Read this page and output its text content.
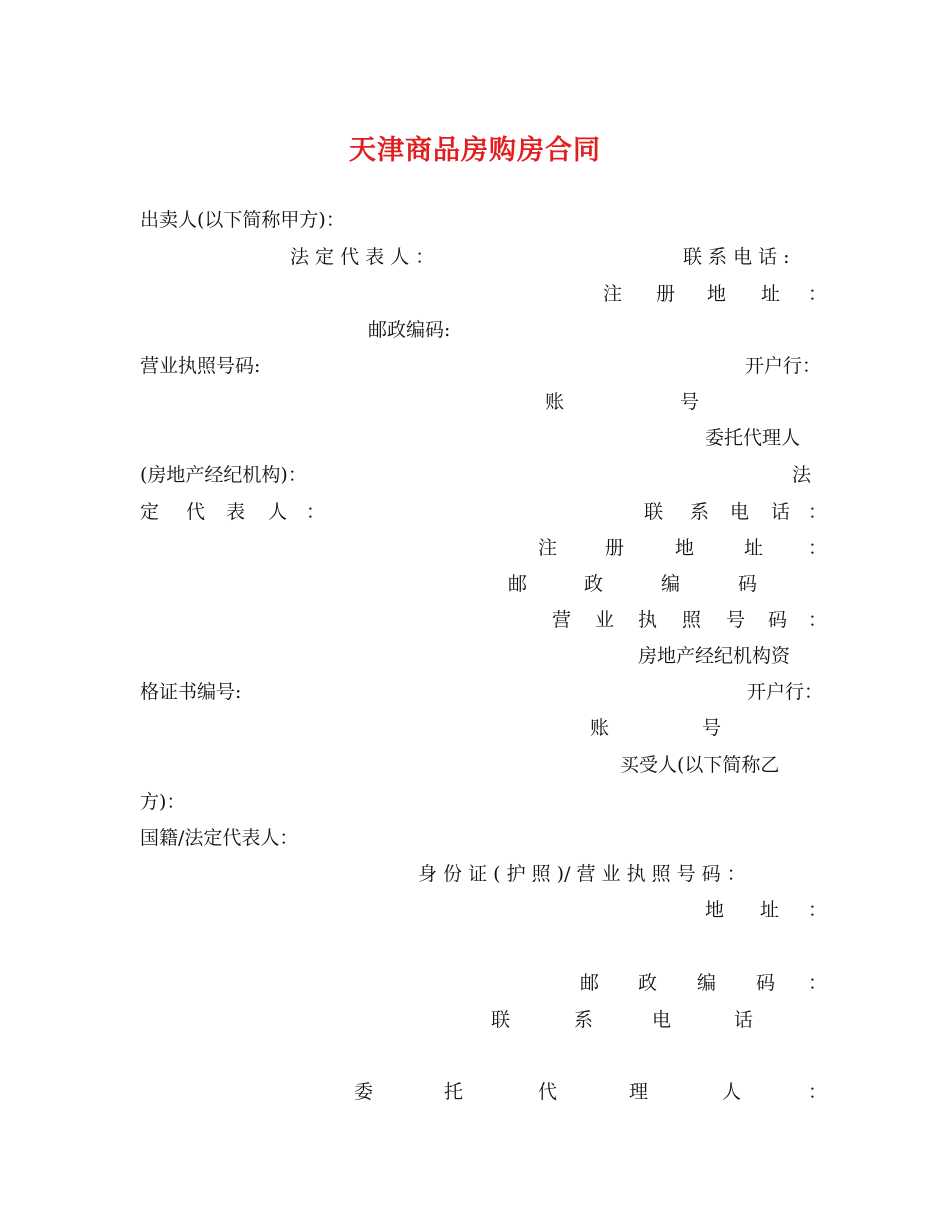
天津商品房购房合同
出卖人(以下简称甲方)：
法 定 代 表 人 ：	联 系 电 话 :
注 册 地 址 ：
邮政编码:
营业执照号码:	开户行：
账	号
委托代理人
(房地产经纪机构)：	法
定 代 表 人 ：	联 系 电 话 ：
注	册	地	址 ：
邮	政	编	码
营 业 执 照 号 码 ：
房地产经纪机构资
格证书编号:	开户行：
账	号
买受人(以下简称乙
方)：
国籍/法定代表人：
身 份 证 ( 护 照 )/ 营 业 执 照 号 码 ：
地 址 ：
邮 政 编 码 ：
联	系	电	话
委	托	代	理	人	：
